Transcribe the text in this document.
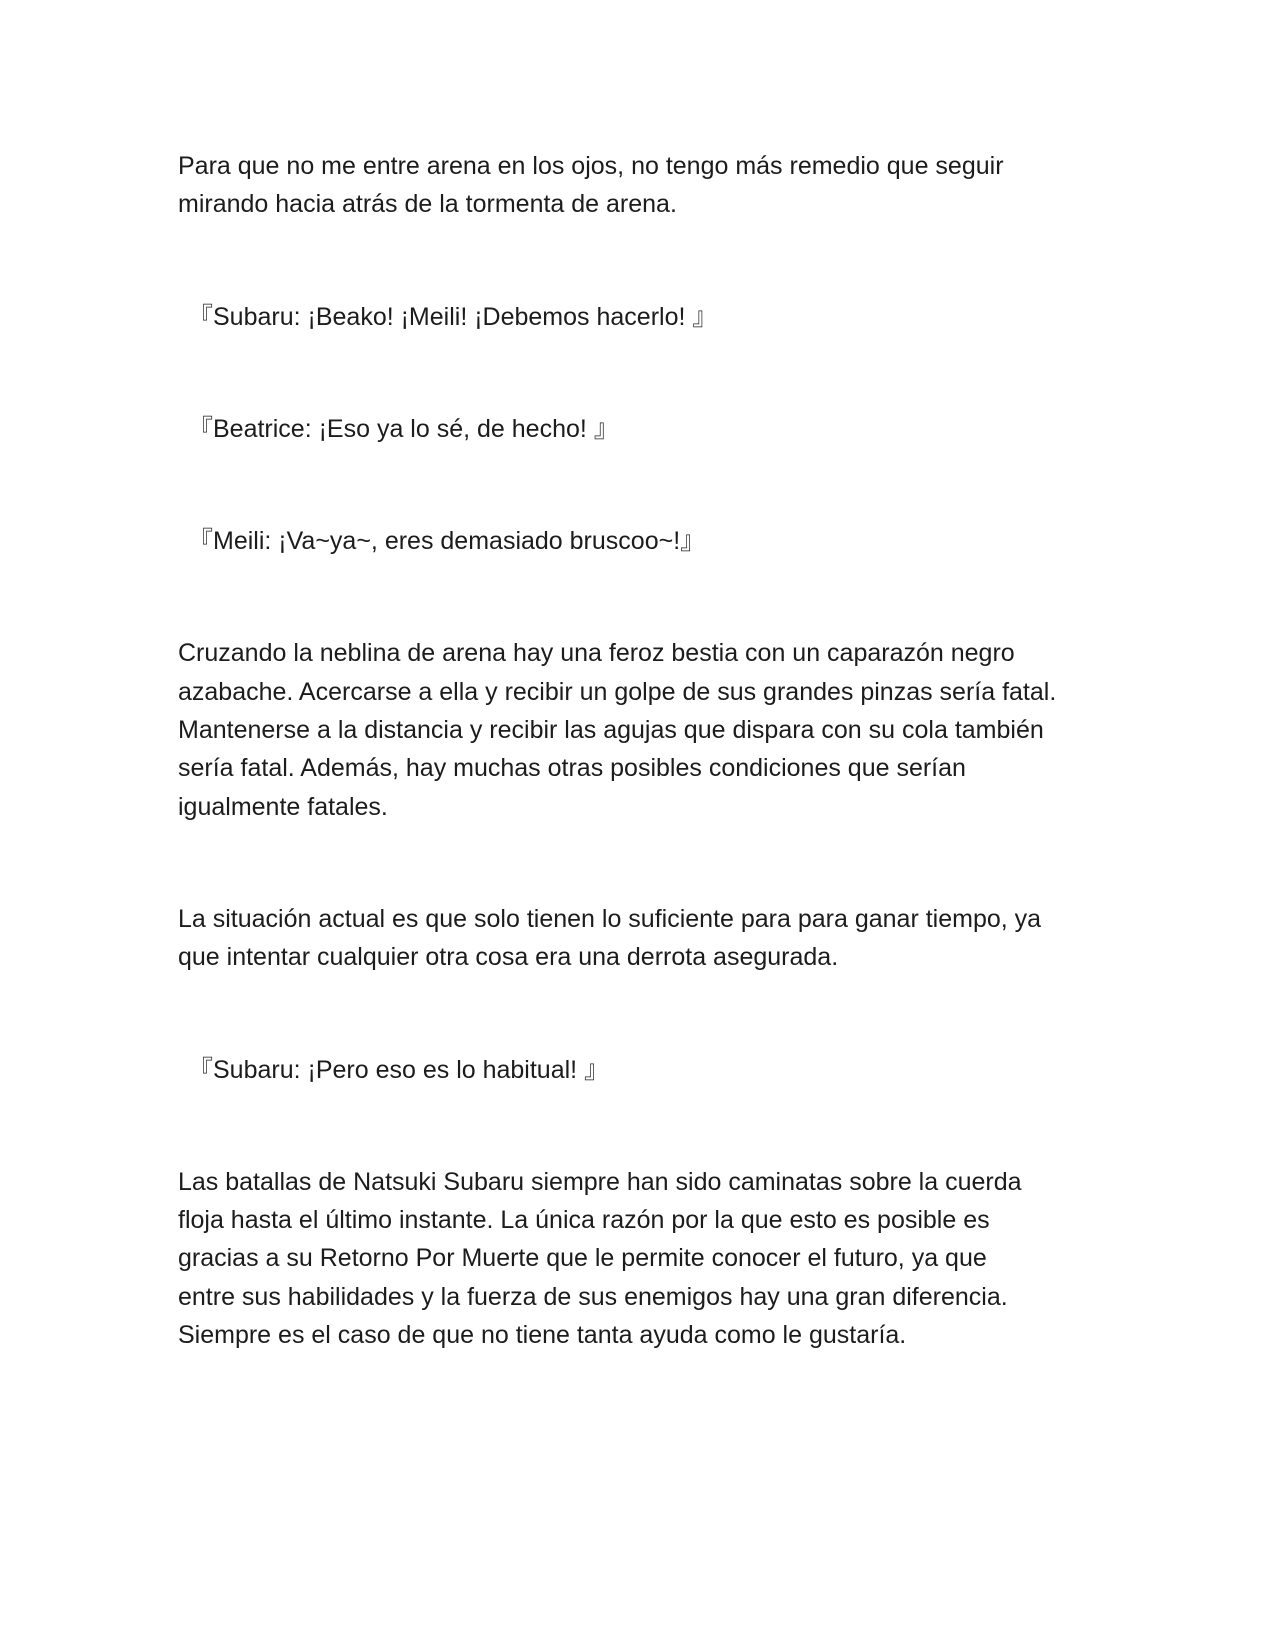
Para que no me entre arena en los ojos, no tengo más remedio que seguir
mirando hacia atrás de la tormenta de arena.
『Subaru: ¡Beako! ¡Meili! ¡Debemos hacerlo! 』
『Beatrice: ¡Eso ya lo sé, de hecho! 』
『Meili: ¡Va~ya~, eres demasiado bruscoo~!』
Cruzando la neblina de arena hay una feroz bestia con un caparazón negro
azabache. Acercarse a ella y recibir un golpe de sus grandes pinzas sería fatal.
Mantenerse a la distancia y recibir las agujas que dispara con su cola también
sería fatal. Además, hay muchas otras posibles condiciones que serían
igualmente fatales.
La situación actual es que solo tienen lo suficiente para para ganar tiempo, ya
que intentar cualquier otra cosa era una derrota asegurada.
『Subaru: ¡Pero eso es lo habitual! 』
Las batallas de Natsuki Subaru siempre han sido caminatas sobre la cuerda
floja hasta el último instante. La única razón por la que esto es posible es
gracias a su Retorno Por Muerte que le permite conocer el futuro, ya que
entre sus habilidades y la fuerza de sus enemigos hay una gran diferencia.
Siempre es el caso de que no tiene tanta ayuda como le gustaría.
